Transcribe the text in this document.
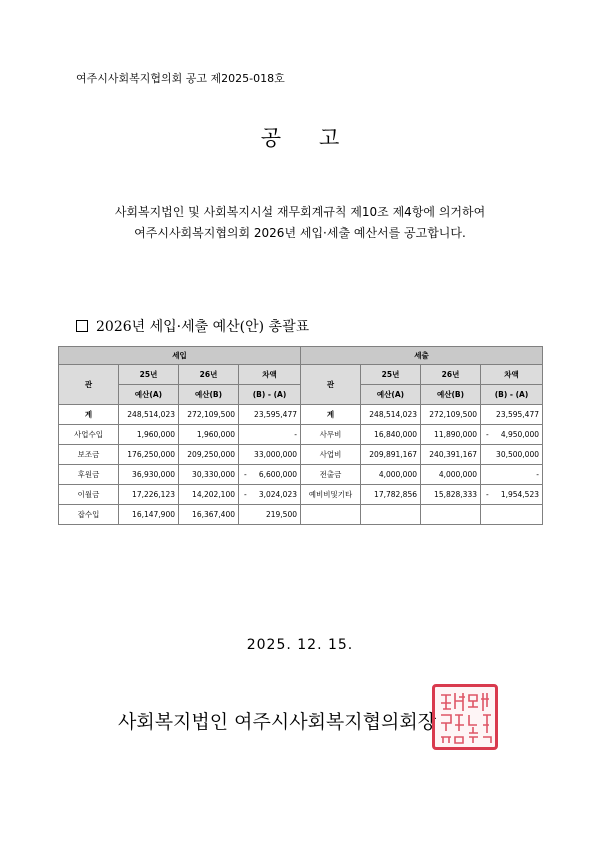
여주시사회복지협의회 공고 제2025-018호
공고
사회복지법인 및 사회복지시설 재무회계규칙 제10조 제4항에 의거하여
여주시사회복지협의회 2026년 세입·세출 예산서를 공고합니다.
2026년 세입·세출 예산(안) 총괄표
세입				세출			
관	25년	26년	차액	관	25년	26년	차액
	예산(A)	예산(B)	(B) - (A)		예산(A)	예산(B)	(B) - (A)
계	248,514,023	272,109,500	23,595,477	계	248,514,023	272,109,500	23,595,477
사업수입	1,960,000	1,960,000	-	사무비	16,840,000	11,890,000	- 4,950,000
보조금	176,250,000	209,250,000	33,000,000	사업비	209,891,167	240,391,167	30,500,000
후원금	36,930,000	30,330,000	- 6,600,000	전출금	4,000,000	4,000,000	-
이월금	17,226,123	14,202,100	- 3,024,023	예비비및기타	17,782,856	15,828,333	- 1,954,523
잡수입	16,147,900	16,367,400	219,500				
2025. 12. 15.
사회복지법인 여주시사회복지협의회장
